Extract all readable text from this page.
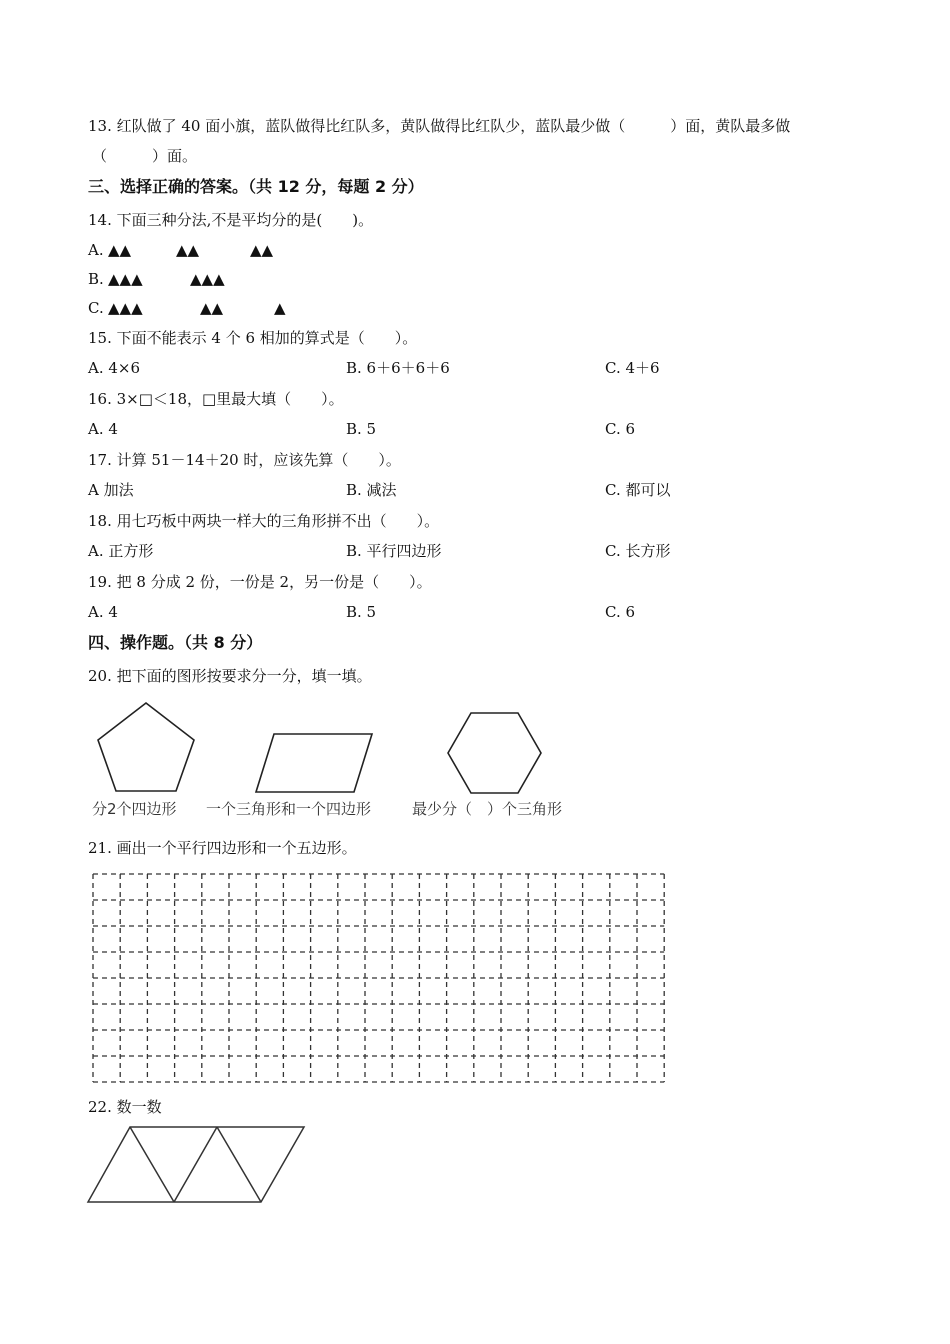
13. 红队做了 40 面小旗，蓝队做得比红队多，黄队做得比红队少，蓝队最少做（　　　）面，黄队最多做
（　　　）面。
三、选择正确的答案。（共 12 分，每题 2 分）
14. 下面三种分法,不是平均分的是(　　)。
A. ▲▲	▲▲	▲▲
B. ▲▲▲	▲▲▲
C. ▲▲▲	▲▲	▲
15. 下面不能表示 4 个 6 相加的算式是（　　）。
A. 4×6	B. 6＋6＋6＋6	C. 4＋6
16. 3×□＜18，□里最大填（　　）。
A. 4	B. 5	C. 6
17. 计算 51－14＋20 时，应该先算（　　）。
A 加法	B. 减法	C. 都可以
18. 用七巧板中两块一样大的三角形拼不出（　　）。
A. 正方形	B. 平行四边形	C. 长方形
19. 把 8 分成 2 份，一份是 2，另一份是（　　）。
A. 4	B. 5	C. 6
四、操作题。（共 8 分）
20. 把下面的图形按要求分一分，填一填。
分2个四边形 一个三角形和一个四边形	最少分（　）个三角形
21. 画出一个平行四边形和一个五边形。
22. 数一数
